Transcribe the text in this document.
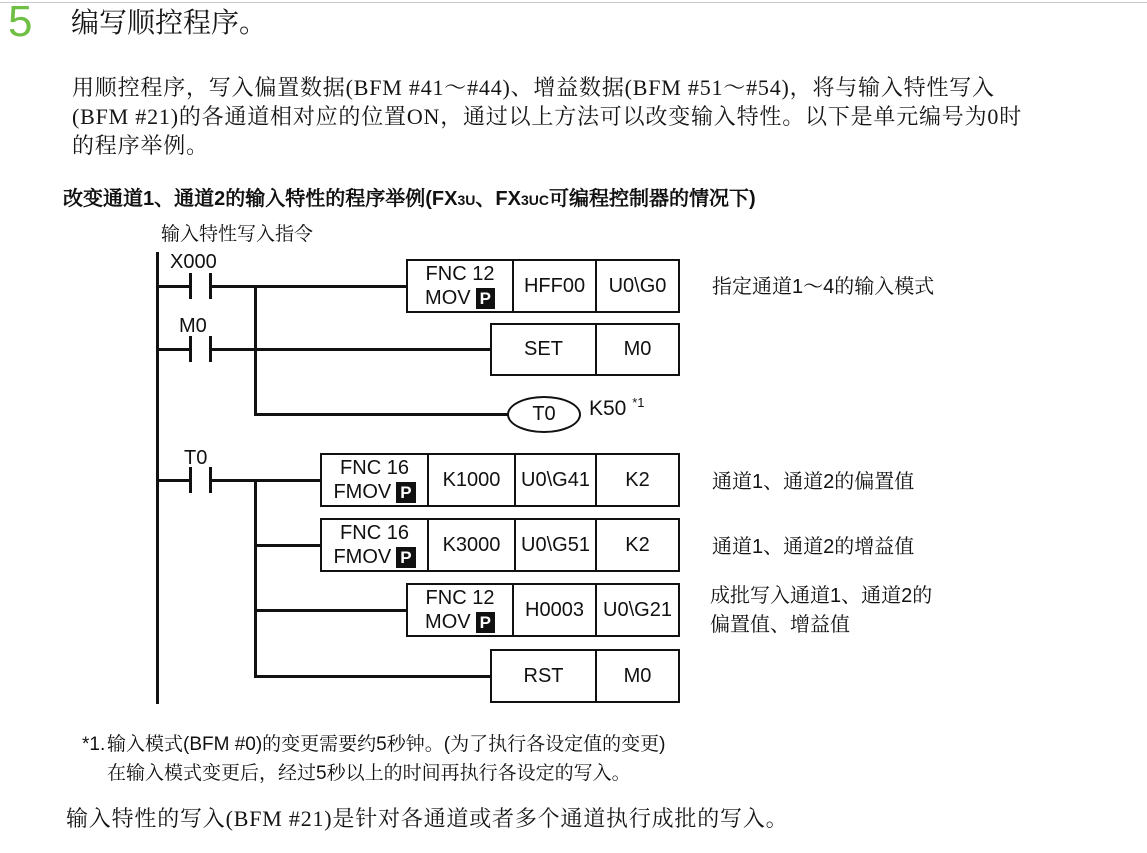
5 编写顺控程序。
用顺控程序，写入偏置数据(BFM #41～#44)、增益数据(BFM #51～#54)，将与输入特性写入
(BFM #21)的各通道相对应的位置ON，通过以上方法可以改变输入特性。以下是单元编号为0时
的程序举例。
改变通道1、通道2的输入特性的程序举例(FX3U、FX3UC可编程控制器的情况下)
输入特性写入指令
X000
M0
T0
FNC 12
MOV P
HFF00	U0\G0	指定通道1～4的输入模式
SET	M0
T0 K50 $^{*1}$
FNC 16
FMOV P
K1000	U0\G41	K2	通道1、通道2的偏置值
FNC 16
FMOV P
K3000	U0\G51	K2	通道1、通道2的增益值
FNC 12
MOV P
H0003 U0\G21
成批写入通道1、通道2的
偏置值、增益值
RST	M0
*1. 输入模式(BFM #0)的变更需要约5秒钟。(为了执行各设定值的变更)
在输入模式变更后，经过5秒以上的时间再执行各设定的写入。
输入特性的写入(BFM #21)是针对各通道或者多个通道执行成批的写入。
